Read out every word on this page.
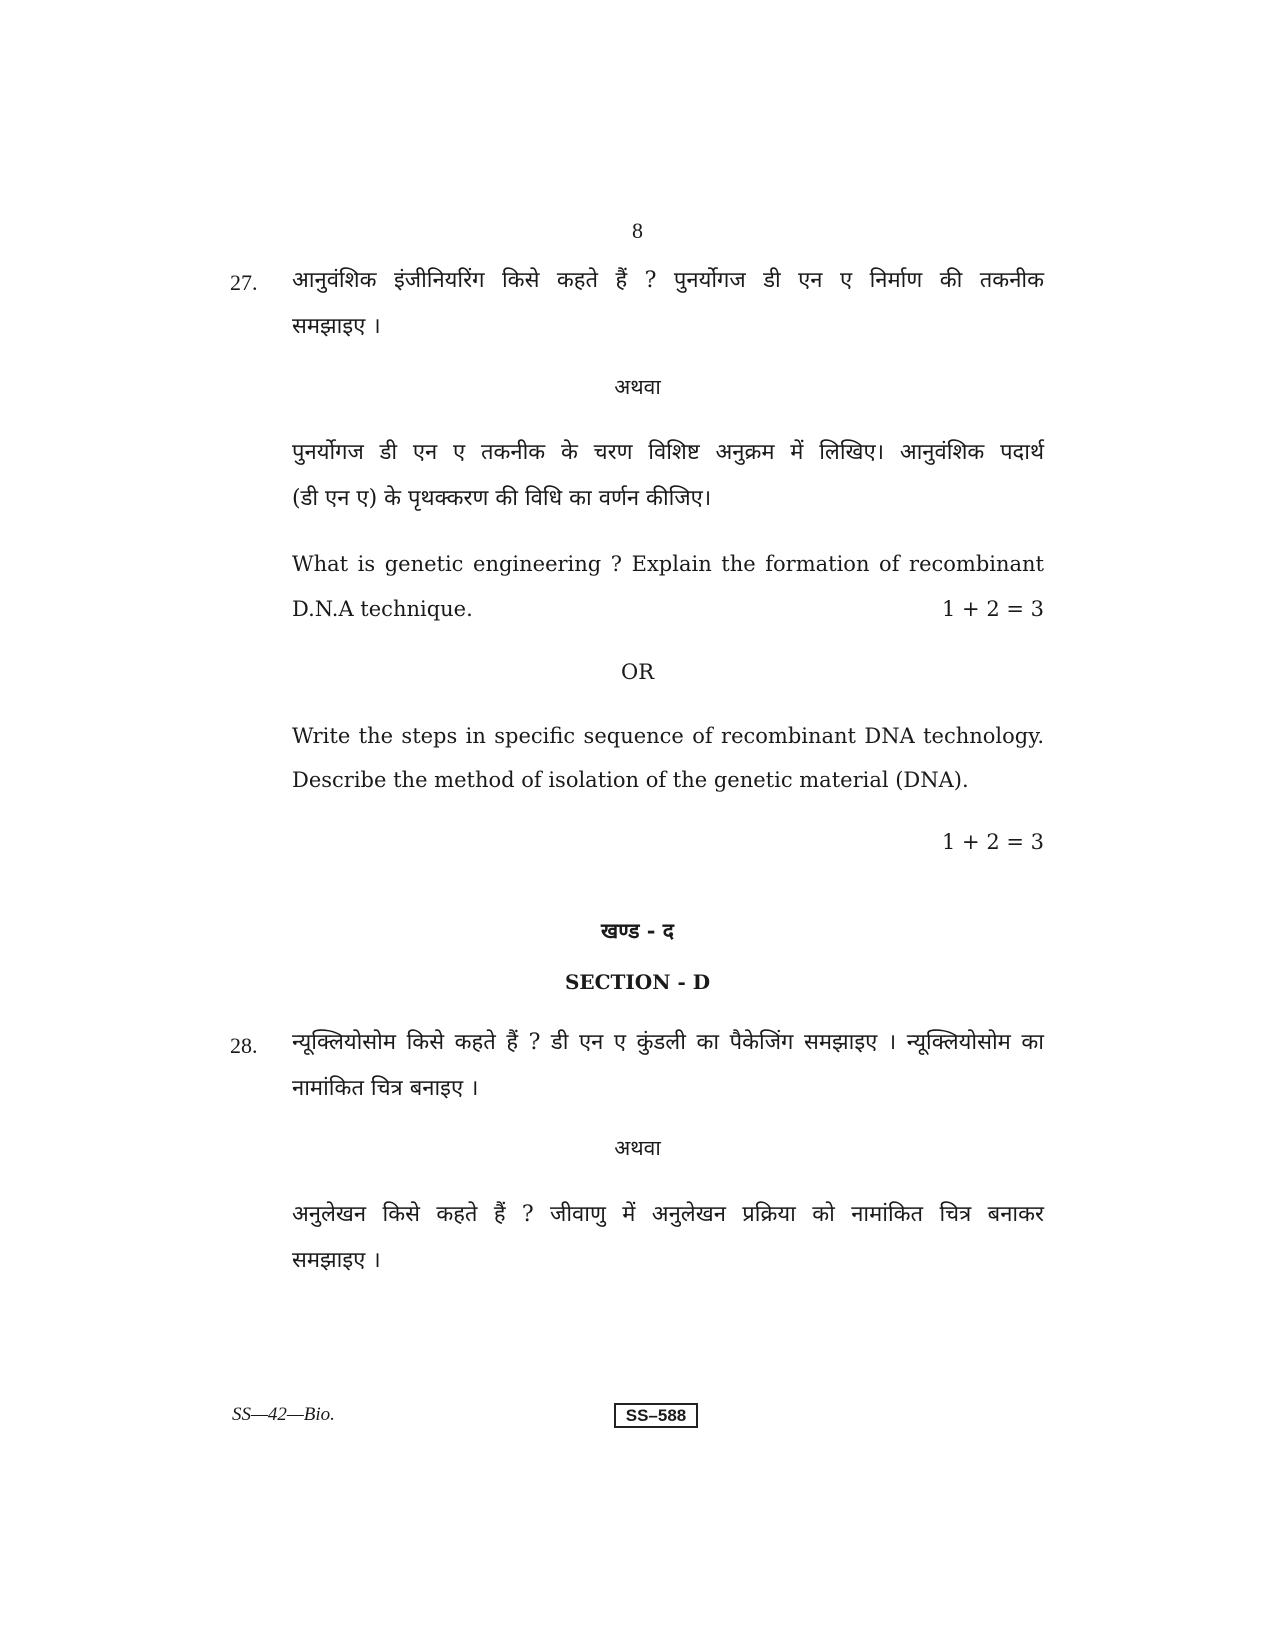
8
27. आनुवंशिक इंजीनियरिंग किसे कहते हैं ? पुनर्योगज डी एन ए निर्माण की तकनीक
समझाइए ।
अथवा
पुनर्योगज डी एन ए तकनीक के चरण विशिष्ट अनुक्रम में लिखिए। आनुवंशिक पदार्थ
(डी एन ए) के पृथक्करण की विधि का वर्णन कीजिए।
What is genetic engineering ? Explain the formation of recombinant
D.N.A technique.	1 + 2 = 3
OR
Write the steps in specific sequence of recombinant DNA technology.
Describe the method of isolation of the genetic material (DNA).
1 + 2 = 3
खण्ड - द
SECTION - D
28. न्यूक्लियोसोम किसे कहते हैं ? डी एन ए कुंडली का पैकेजिंग समझाइए । न्यूक्लियोसोम का
नामांकित चित्र बनाइए ।
अथवा
अनुलेखन किसे कहते हैं ? जीवाणु में अनुलेखन प्रक्रिया को नामांकित चित्र बनाकर
समझाइए ।
SS—42—Bio.	SS–588
